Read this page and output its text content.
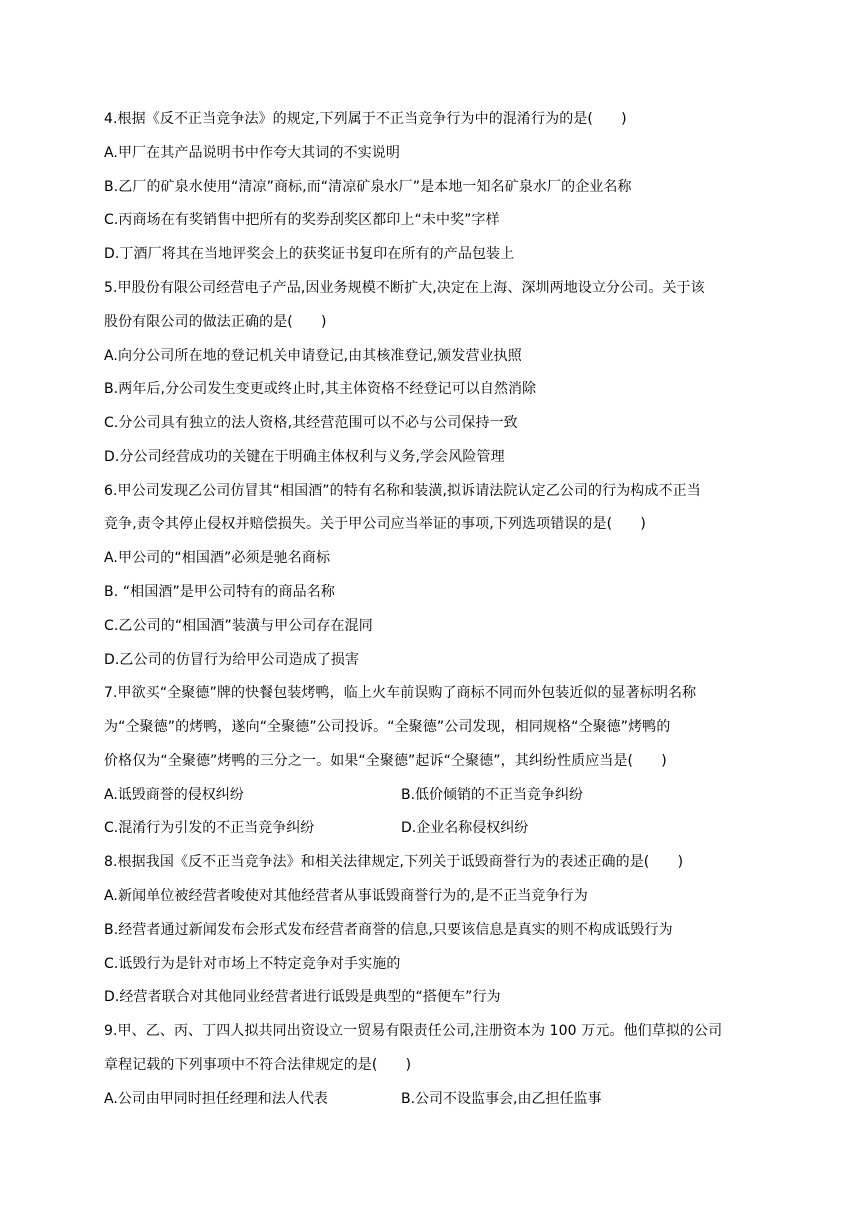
4.根据《反不正当竞争法》的规定,下列属于不正当竞争行为中的混淆行为的是(　　)
A.甲厂在其产品说明书中作夸大其词的不实说明
B.乙厂的矿泉水使用“清凉”商标,而“清凉矿泉水厂”是本地一知名矿泉水厂的企业名称
C.丙商场在有奖销售中把所有的奖券刮奖区都印上“未中奖”字样
D.丁酒厂将其在当地评奖会上的获奖证书复印在所有的产品包装上
5.甲股份有限公司经营电子产品,因业务规模不断扩大,决定在上海、深圳两地设立分公司。关于该
股份有限公司的做法正确的是(　　)
A.向分公司所在地的登记机关申请登记,由其核准登记,颁发营业执照
B.两年后,分公司发生变更或终止时,其主体资格不经登记可以自然消除
C.分公司具有独立的法人资格,其经营范围可以不必与公司保持一致
D.分公司经营成功的关键在于明确主体权利与义务,学会风险管理
6.甲公司发现乙公司仿冒其“相国酒”的特有名称和装潢,拟诉请法院认定乙公司的行为构成不正当
竞争,责令其停止侵权并赔偿损失。关于甲公司应当举证的事项,下列选项错误的是(　　)
A.甲公司的“相国酒”必须是驰名商标
B. “相国酒”是甲公司特有的商品名称
C.乙公司的“相国酒”装潢与甲公司存在混同
D.乙公司的仿冒行为给甲公司造成了损害
7.甲欲买“全聚德”牌的快餐包装烤鸭，临上火车前误购了商标不同而外包装近似的显著标明名称
为“仝聚德”的烤鸭，遂向“全聚德”公司投诉。“全聚德”公司发现，相同规格“仝聚德”烤鸭的
价格仅为“全聚德”烤鸭的三分之一。如果“全聚德”起诉“仝聚德”，其纠纷性质应当是(　　)
A.诋毁商誉的侵权纠纷	B.低价倾销的不正当竞争纠纷
C.混淆行为引发的不正当竞争纠纷	D.企业名称侵权纠纷
8.根据我国《反不正当竞争法》和相关法律规定,下列关于诋毁商誉行为的表述正确的是(　　)
A.新闻单位被经营者唆使对其他经营者从事诋毁商誉行为的,是不正当竞争行为
B.经营者通过新闻发布会形式发布经营者商誉的信息,只要该信息是真实的则不构成诋毁行为
C.诋毁行为是针对市场上不特定竞争对手实施的
D.经营者联合对其他同业经营者进行诋毁是典型的“搭便车”行为
9.甲、乙、丙、丁四人拟共同出资设立一贸易有限责任公司,注册资本为 100 万元。他们草拟的公司
章程记载的下列事项中不符合法律规定的是(　　)
A.公司由甲同时担任经理和法人代表	B.公司不设监事会,由乙担任监事
